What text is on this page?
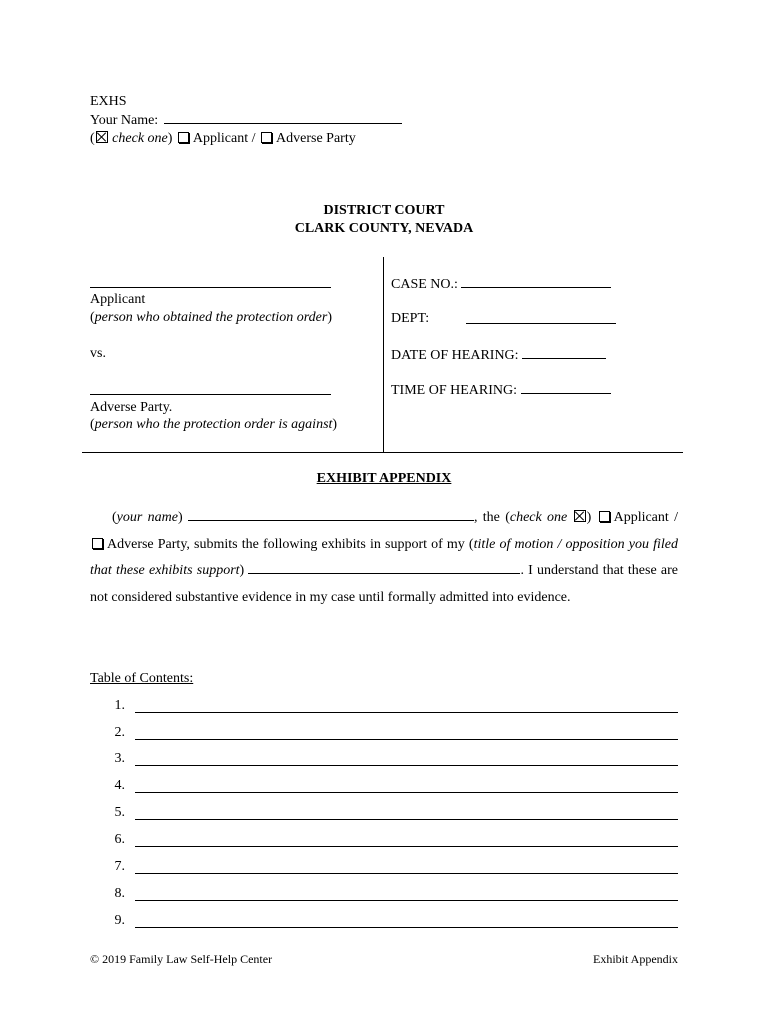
EXHS
Your Name:
( check one) Applicant / Adverse Party
DISTRICT COURT
CLARK COUNTY, NEVADA
Applicant
(person who obtained the protection order)
vs.
Adverse Party.
(person who the protection order is against)
CASE NO.:
DEPT:
DATE OF HEARING:
TIME OF HEARING:
EXHIBIT APPENDIX
(your name)	, the (check one ) Applicant / Adverse Party, submits the following exhibits in support of my (title of motion / opposition you filed that these exhibits support)	. I understand that these are not considered substantive evidence in my case until formally admitted into evidence.
Table of Contents:
1.
2.
3.
4.
5.
6.
7.
8.
9.
© 2019 Family Law Self-Help Center	Exhibit Appendix
